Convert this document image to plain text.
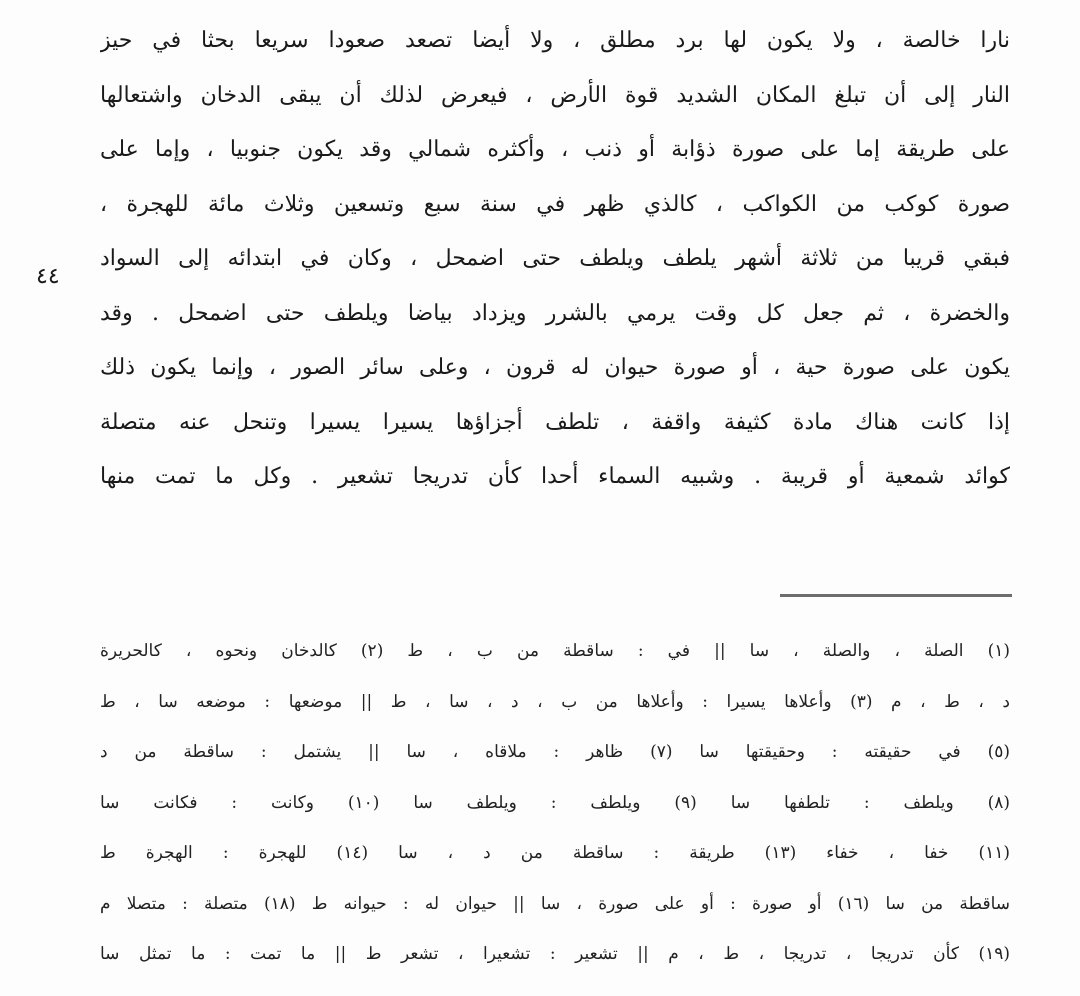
نارا خالصة ، ولا يكون لها برد مطلق ، ولا أيضا تصعد صعودا سريعا بحثا في حيز
النار إلى أن تبلغ المكان الشديد قوة الأرض ، فيعرض لذلك أن يبقى الدخان واشتعالها
على طريقة إما على صورة ذؤابة أو ذنب ، وأكثره شمالي وقد يكون جنوبيا ، وإما على
صورة كوكب من الكواكب ، كالذي ظهر في سنة سبع وتسعين وثلاث مائة للهجرة ،
فبقي قريبا من ثلاثة أشهر يلطف ويلطف حتى اضمحل ، وكان في ابتدائه إلى السواد
والخضرة ، ثم جعل كل وقت يرمي بالشرر ويزداد بياضا ويلطف حتى اضمحل . وقد
يكون على صورة حية ، أو صورة حيوان له قرون ، وعلى سائر الصور ، وإنما يكون ذلك
إذا كانت هناك مادة كثيفة واقفة ، تلطف أجزاؤها يسيرا يسيرا وتنحل عنه متصلة
كوائد شمعية أو قريبة . وشبيه السماء أحدا كأن تدريجا تشعير . وكل ما تمت منها
٤٤
(١) الصلة ، والصلة ، سا || في : ساقطة من ب ، ط (٢) كالدخان ونحوه ، كالحريرة
د ، ط ، م (٣) وأعلاها يسيرا : وأعلاها من ب ، د ، سا ، ط || موضعها : موضعه سا ، ط
(٥) في حقيقته : وحقيقتها سا (٧) ظاهر : ملاقاه ، سا || يشتمل : ساقطة من د
(٨) ويلطف : تلطفها سا (٩) ويلطف : ويلطف سا (١٠) وكانت : فكانت سا
(١١) خفا ، خفاء (١٣) طريقة : ساقطة من د ، سا (١٤) للهجرة : الهجرة ط
ساقطة من سا (١٦) أو صورة : أو على صورة ، سا || حيوان له : حيوانه ط (١٨) متصلة : متصلا م
(١٩) كأن تدريجا ، تدريجا ، ط ، م || تشعير : تشعيرا ، تشعر ط || ما تمت : ما تمثل سا
